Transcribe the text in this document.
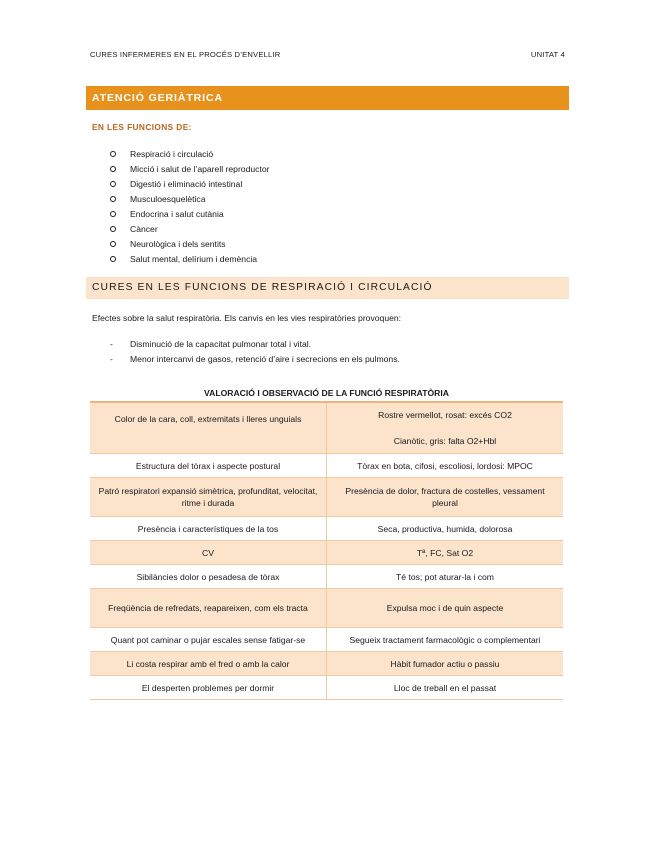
CURES INFERMERES EN EL PROCÉS D’ENVELLIR	UNITAT 4
ATENCIÓ GERIÀTRICA
EN LES FUNCIONS DE:
Respiració i circulació
Micció i salut de l’aparell reproductor
Digestió i eliminació intestinal
Musculoesquelètica
Endocrina i salut cutània
Càncer
Neurològica i dels sentits
Salut mental, delírium i demència
CURES EN LES FUNCIONS DE RESPIRACIÓ I CIRCULACIÓ
Efectes sobre la salut respiratòria. Els canvis en les vies respiratòries provoquen:
-	Disminució de la capacitat pulmonar total i vital.
-	Menor intercanvi de gasos, retenció d’aire i secrecions en els pulmons.
VALORACIÓ I OBSERVACIÓ DE LA FUNCIÓ RESPIRATÒRIA
Color de la cara, coll, extremitats i lleres unguials	Rostre vermellot, rosat: excés CO2
Cianòtic, gris: falta O2+Hbl

Estructura del tòrax i aspecte postural	Tòrax en bota, cifosi, escoliosi, lordosi: MPOC
Patró respiratori expansió simètrica, profunditat, velocitat, ritme i durada	Presència de dolor, fractura de costelles, vessament pleural
Presència i característiques de la tos	Seca, productiva, humida, dolorosa
CV	Tª, FC, Sat O2
Sibilàncies dolor o pesadesa de tòrax	Té tos; pot aturar-la i com
Freqüència de refredats, reapareixen, com els tracta	Expulsa moc i de quin aspecte
Quant pot caminar o pujar escales sense fatigar-se	Segueix tractament farmacològic o complementari
Li costa respirar amb el fred o amb la calor	Hàbit fumador actiu o passiu
El desperten problemes per dormir	Lloc de treball en el passat
